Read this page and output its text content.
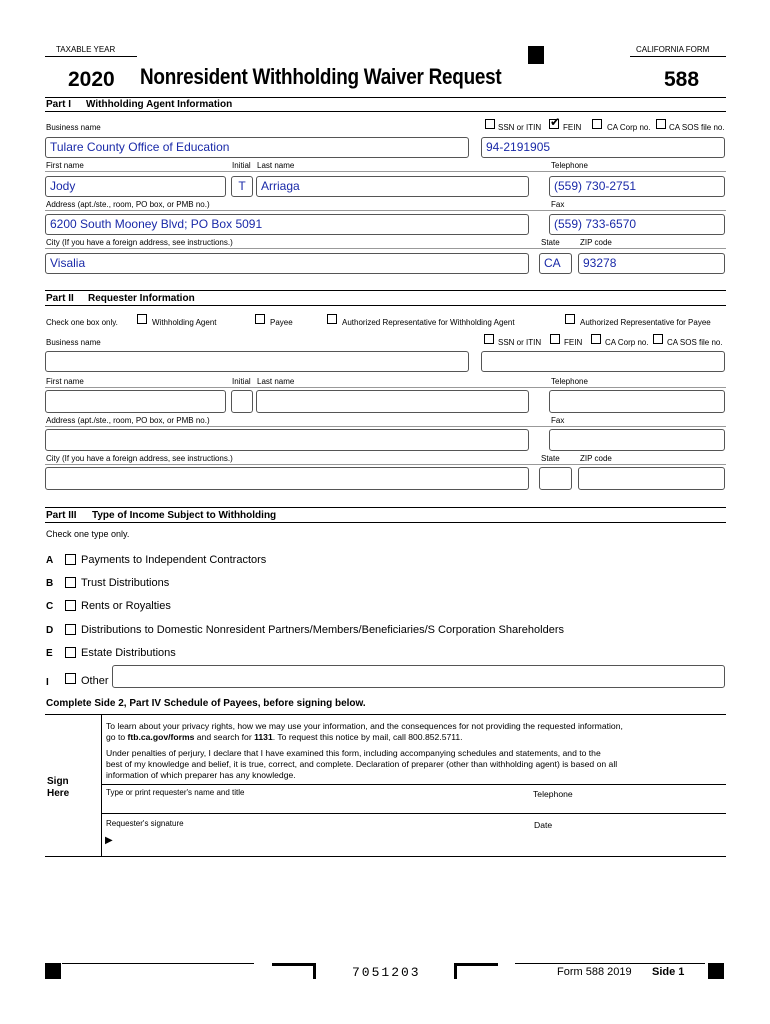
TAXABLE YEAR	CALIFORNIA FORM
2020 Nonresident Withholding Waiver Request	588
Part I Withholding Agent Information
Business name	SSN or ITIN
✔	FEIN	CA Corp no. CA SOS file no.
Tulare County Office of Education	94-2191905
First name	Initial Last name	Telephone
Jody	T	Arriaga	(559) 730-2751
Address (apt./ste., room, PO box, or PMB no.)	Fax
6200 South Mooney Blvd; PO Box 5091	(559) 733-6570
City (If you have a foreign address, see instructions.)	State	ZIP code
Visalia	CA	93278
Part II Requester Information
Check one box only.	Withholding Agent	Payee	Authorized Representative for Withholding Agent	Authorized Representative for Payee
Business name	SSN or ITIN	FEIN	CA Corp no. CA SOS file no.
First name	Initial Last name	Telephone
Address (apt./ste., room, PO box, or PMB no.)	Fax
City (If you have a foreign address, see instructions.)	State	ZIP code
Part III Type of Income Subject to Withholding
Check one type only.
A	Payments to Independent Contractors
B	Trust Distributions
C	Rents or Royalties
D	Distributions to Domestic Nonresident Partners/Members/Beneficiaries/S Corporation Shareholders
E	Estate Distributions
I	Other
Complete Side 2, Part IV Schedule of Payees, before signing below.
Sign
Here
To learn about your privacy rights, how we may use your information, and the consequences for not providing the requested information,
go to ftb.ca.gov/forms and search for 1131. To request this notice by mail, call 800.852.5711.
Under penalties of perjury, I declare that I have examined this form, including accompanying schedules and statements, and to the
best of my knowledge and belief, it is true, correct, and complete. Declaration of preparer (other than withholding agent) is based on all
information of which preparer has any knowledge.
Type or print requester's name and title	Telephone
Requester's signature	Date
▶
7051203	Form 588 2019 Side 1
